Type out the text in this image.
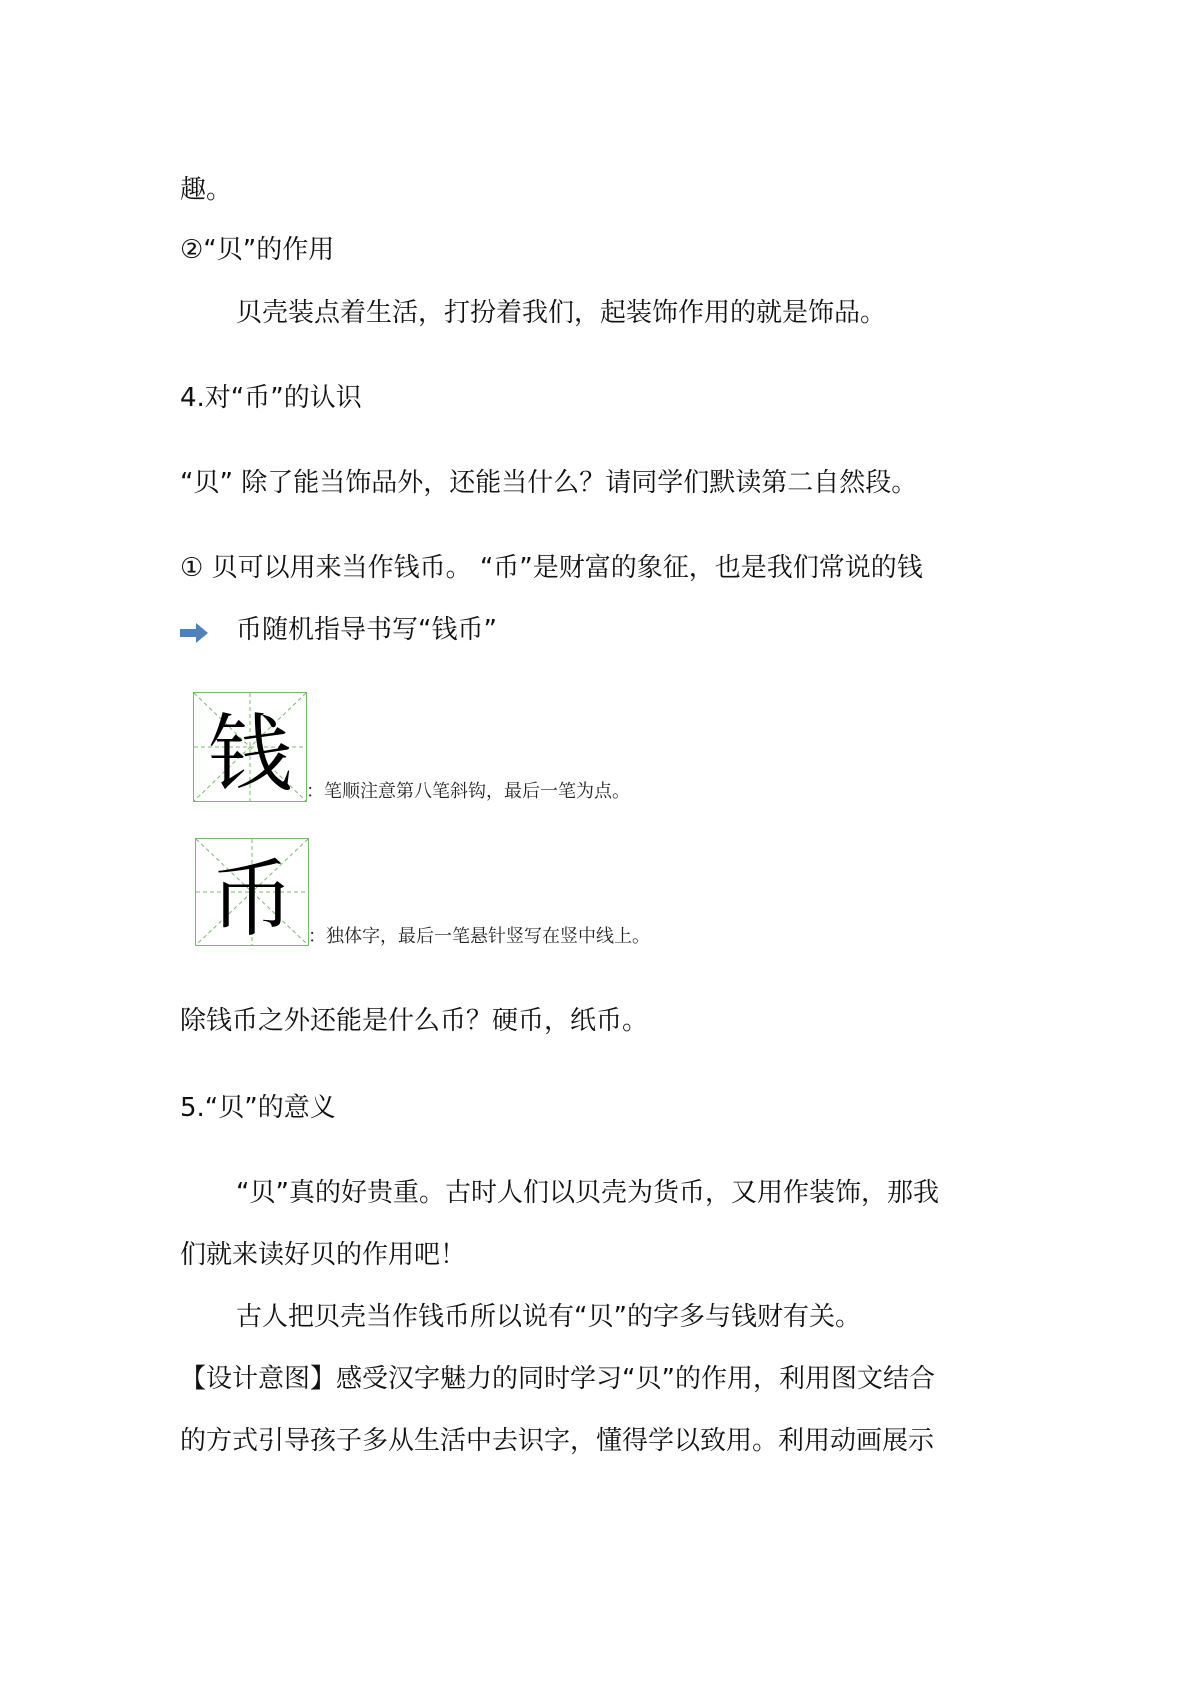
趣。
②“贝”的作用
贝壳装点着生活，打扮着我们，起装饰作用的就是饰品。
4.对“币”的认识
“贝” 除了能当饰品外，还能当什么？请同学们默读第二自然段。
① 贝可以用来当作钱币。 “币”是财富的象征，也是我们常说的钱
币随机指导书写“钱币”
钱 ：笔顺注意第八笔斜钩，最后一笔为点。
币 ：独体字，最后一笔悬针竖写在竖中线上。
除钱币之外还能是什么币？硬币，纸币。
5.“贝”的意义
“贝”真的好贵重。古时人们以贝壳为货币，又用作装饰，那我
们就来读好贝的作用吧！
古人把贝壳当作钱币所以说有“贝”的字多与钱财有关。
【设计意图】感受汉字魅力的同时学习“贝”的作用，利用图文结合
的方式引导孩子多从生活中去识字，懂得学以致用。利用动画展示
